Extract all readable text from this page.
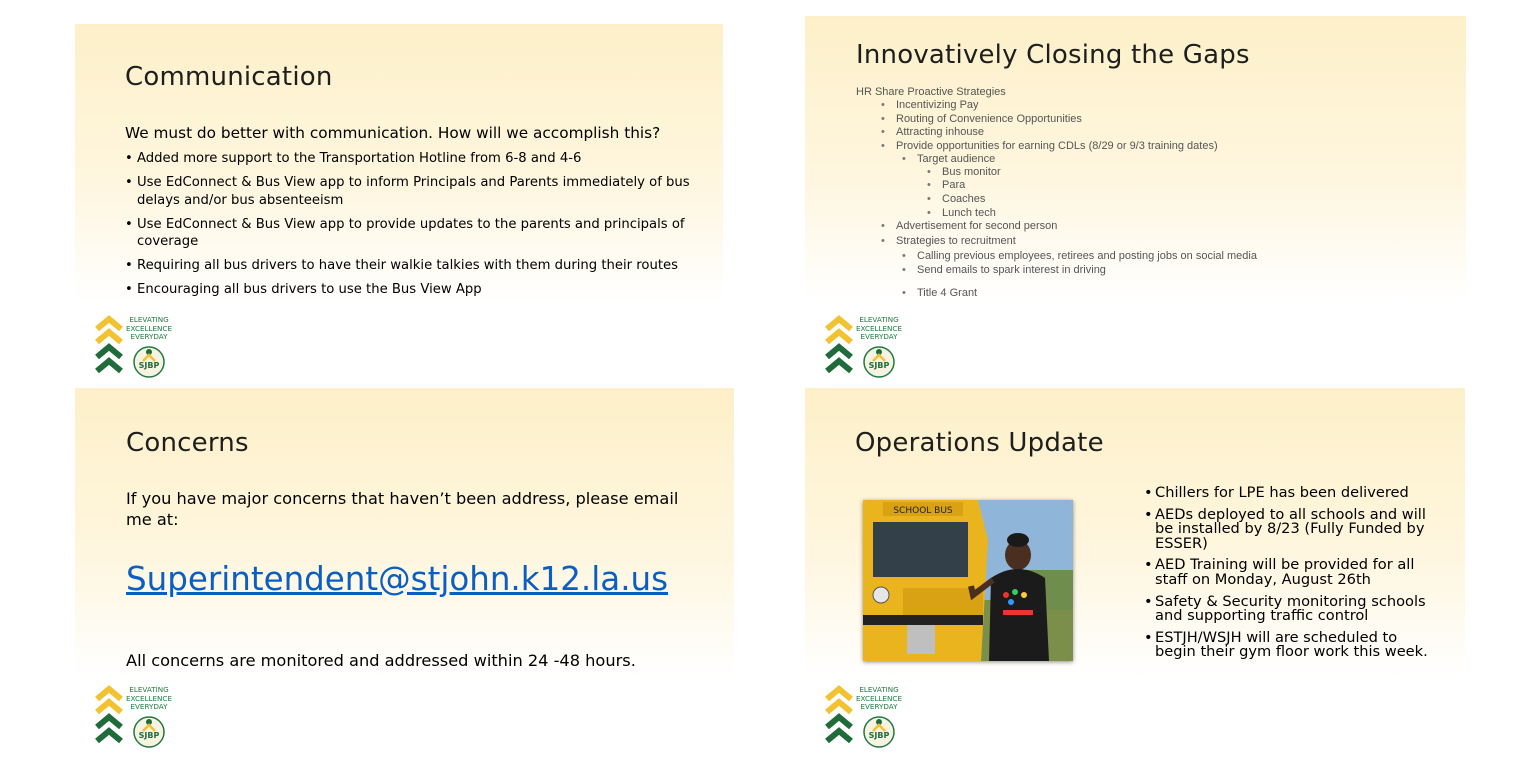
Communication
We must do better with communication. How will we accomplish this?
• Added more support to the Transportation Hotline from 6-8 and 4-6
• Use EdConnect & Bus View app to inform Principals and Parents immediately of bus delays and/or bus absenteeism
• Use EdConnect & Bus View app to provide updates to the parents and principals of coverage
• Requiring all bus drivers to have their walkie talkies with them during their routes
• Encouraging all bus drivers to use the Bus View App
SJBP
ELEVATING
EXCELLENCE
EVERYDAY
Innovatively Closing the Gaps
HR Share Proactive Strategies
• Incentivizing Pay
• Routing of Convenience Opportunities
• Attracting inhouse
• Provide opportunities for earning CDLs (8/29 or 9/3 training dates)
• Target audience
• Bus monitor
• Para
• Coaches
• Lunch tech
• Advertisement for second person
• Strategies to recruitment
• Calling previous employees, retirees and posting jobs on social media
• Send emails to spark interest in driving
• Title 4 Grant
SJBP
ELEVATING
EXCELLENCE
EVERYDAY
Concerns
If you have major concerns that haven’t been address, please email me at:
Superintendent@stjohn.k12.la.us
All concerns are monitored and addressed within 24 -48 hours.
SJBP
ELEVATING
EXCELLENCE
EVERYDAY
Operations Update
SCHOOL BUS
• Chillers for LPE has been delivered
• AEDs deployed to all schools and will be installed by 8/23 (Fully Funded by ESSER)
• AED Training will be provided for all staff on Monday, August 26th
• Safety & Security monitoring schools and supporting traffic control
• ESTJH/WSJH will are scheduled to begin their gym floor work this week.
SJBP
ELEVATING
EXCELLENCE
EVERYDAY
